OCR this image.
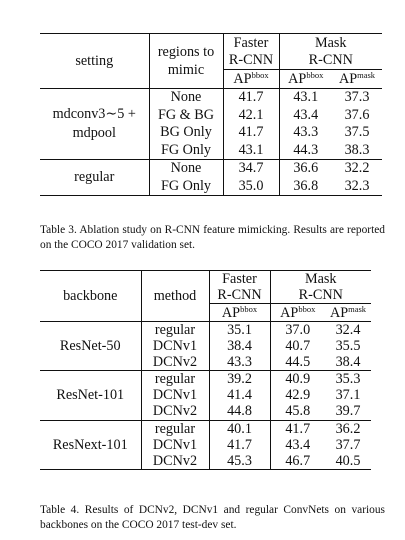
setting	regions to mimic	Faster	Mask	
		R-CNN	R-CNN	
		$AP^{bbox}$	$AP^{bbox}$	$AP^{mask}$
mdconv3∼5 +
mdpool	None	41.7	43.1	37.3
	FG & BG	42.1	43.4	37.6
	BG Only	41.7	43.3	37.5
	FG Only	43.1	44.3	38.3
regular	None	34.7	36.6	32.2
	FG Only	35.0	36.8	32.3
Table 3. Ablation study on R-CNN feature mimicking. Results are reported on the COCO 2017 validation set.
backbone	method	Faster	Mask	
		R-CNN	R-CNN	
		$AP^{bbox}$	$AP^{bbox}$	$AP^{mask}$
ResNet-50	regular	35.1	37.0	32.4
	DCNv1	38.4	40.7	35.5
	DCNv2	43.3	44.5	38.4
ResNet-101	regular	39.2	40.9	35.3
	DCNv1	41.4	42.9	37.1
	DCNv2	44.8	45.8	39.7
ResNext-101	regular	40.1	41.7	36.2
	DCNv1	41.7	43.4	37.7
	DCNv2	45.3	46.7	40.5
Table 4. Results of DCNv2, DCNv1 and regular ConvNets on various backbones on the COCO 2017 test-dev set.
